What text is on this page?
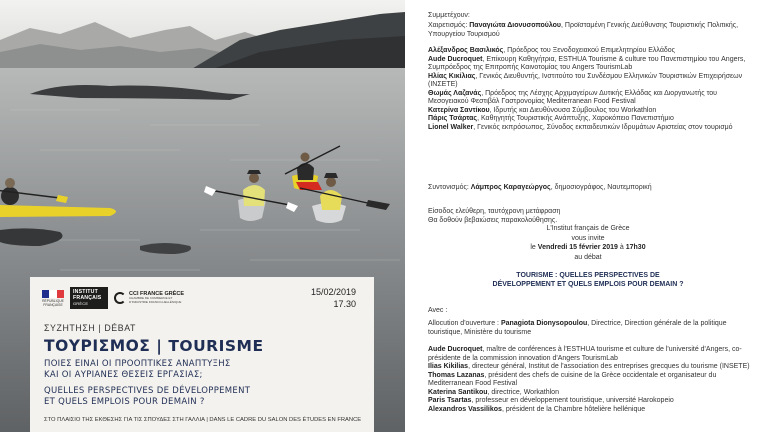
RÉPUBLIQUE FRANÇAISE
INSTITUT
FRANÇAIS
GRÈCE
CCI FRANCE GRÈCE
CHAMBRE DE COMMERCE ET
D'INDUSTRIE FRANCO-HELLÉNIQUE
15/02/2019
17.30
ΣΥΖΗΤΗΣΗ | DÉBAT
ΤΟΥΡΙΣΜΟΣ | TOURISME
ΠΟΙΕΣ ΕΙΝΑΙ ΟΙ ΠΡΟΟΠΤΙΚΕΣ ΑΝΑΠΤΥΞΗΣ
ΚΑΙ ΟΙ ΑΥΡΙΑΝΕΣ ΘΕΣΕΙΣ ΕΡΓΑΣΙΑΣ;
QUELLES PERSPECTIVES DE DÉVELOPPEMENT
ET QUELS EMPLOIS POUR DEMAIN ?
ΣΤΟ ΠΛΑΙΣΙΟ ΤΗΣ ΕΚΘΕΣΗΣ ΓΙΑ ΤΙΣ ΣΠΟΥΔΕΣ ΣΤΗ ΓΑΛΛΙΑ | DANS LE CADRE DU SALON DES ÉTUDES EN FRANCE

Συμμετέχουν:

Χαιρετισμός: Παναγιώτα Διονυσοπούλου, Προϊσταμένη Γενικής Διεύθυνσης Τουριστικής Πολιτικής, Υπουργείου Τουρισμού

Αλέξανδρος Βασιλικός, Πρόεδρος του Ξενοδοχειακού Επιμελητηρίου Ελλάδος

Aude Ducroquet, Επίκουρη Καθηγήτρια, ESTHUA Tourisme & culture του Πανεπιστημίου του Angers, Συμπρόεδρος της Επιτροπής Καινοτομίας του Angers TourismLab

Ηλίας Κικίλιας, Γενικός Διευθυντής, Ινστιτούτο του Συνδέσμου Ελληνικών Τουριστικών Επιχειρήσεων (ΙΝΣΕΤΕ)

Θωμάς Λαζανάς, Πρόεδρος της Λέσχης Αρχιμαγείρων Δυτικής Ελλάδας και Διοργανωτής του Μεσογειακού Φεστιβάλ Γαστρονομίας Mediterranean Food Festival

Κατερίνα Σαντίκου, Ιδρυτής και Διευθύνουσα Σύμβουλος του Workathlon

Πάρις Τσάρτας, Καθηγητής Τουριστικής Ανάπτυξης, Χαροκόπειο Πανεπιστήμιο

Lionel Walker, Γενικός εκπρόσωπος, Σύνοδος εκπαιδευτικών Ιδρυμάτων Αριστείας στον τουρισμό

Συντονισμός: Λάμπρος Καραγεώργος, δημοσιογράφος, Ναυτεμπορική

Είσοδος ελεύθερη, ταυτόχρονη μετάφραση

Θα δοθούν βεβαιώσεις παρακολούθησης.

L'Institut français de Grèce

vous invite

le Vendredi 15 février 2019 à 17h30

au débat

TOURISME : QUELLES PERSPECTIVES DE

DÉVELOPPEMENT ET QUELS EMPLOIS POUR DEMAIN ?

Avec :

Allocution d'ouverture : Panagiota Dionysopoulou, Directrice, Direction générale de la politique touristique, Ministère du tourisme

Aude Ducroquet, maître de conférences à l'ESTHUA tourisme et culture de l'université d'Angers, co-présidente de la commission innovation d'Angers TourismLab

Ilias Kikilias, directeur général, Institut de l'association des entreprises grecques du tourisme (INSETE)

Thomas Lazanas, président des chefs de cuisine de la Grèce occidentale et organisateur du Mediterranean Food Festival

Katerina Santikou, directrice, Workathlon

Paris Tsartas, professeur en développement touristique, université Harokopeio

Alexandros Vassilikos, président de la Chambre hôtelière hellénique
